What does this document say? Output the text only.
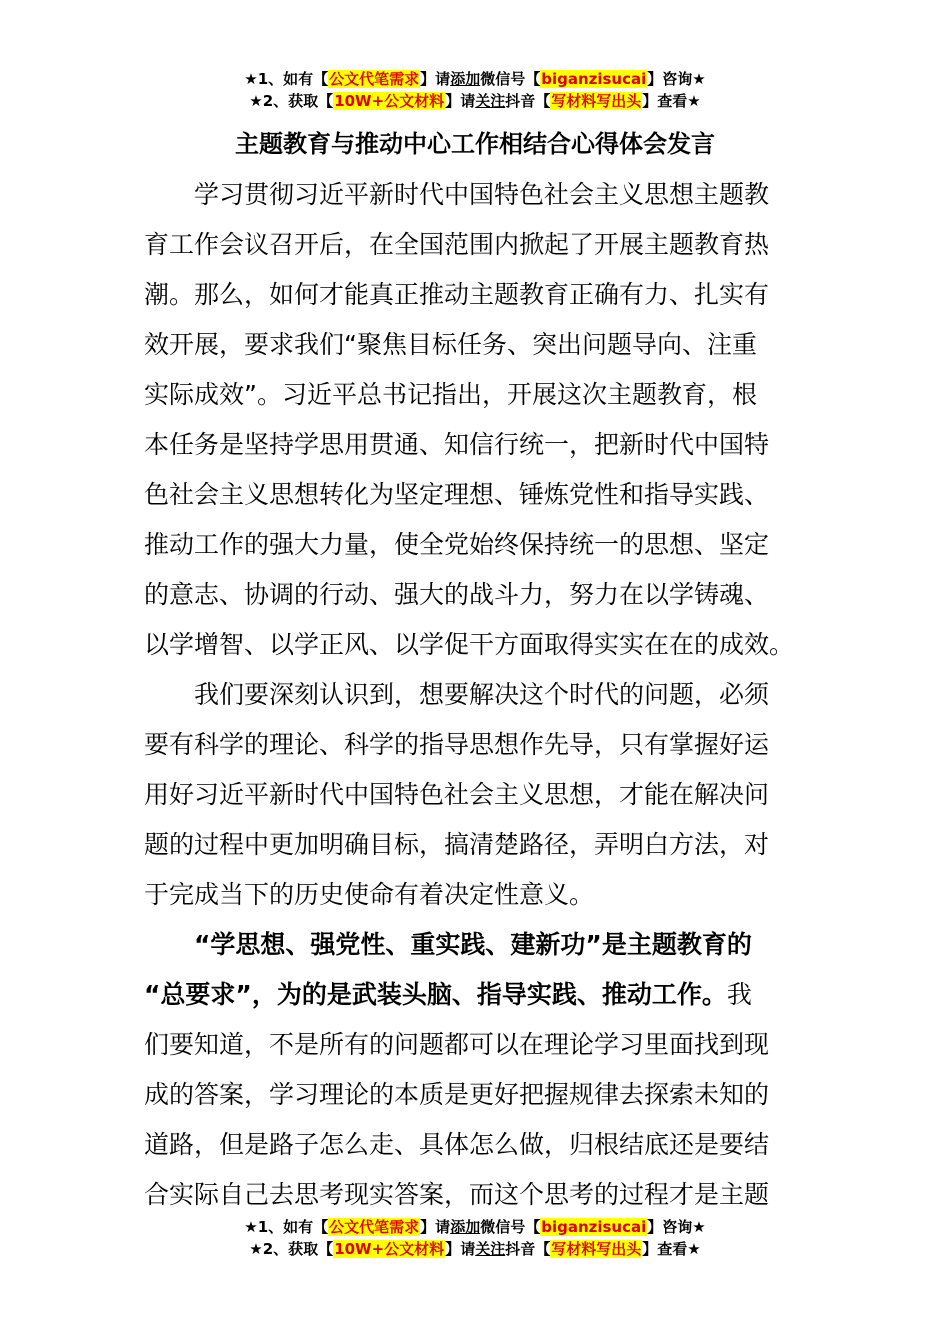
★1、如有【公文代笔需求】请添加微信号【biganzisucai】咨询★
★2、获取【10W+公文材料】请关注抖音【写材料写出头】查看★
主题教育与推动中心工作相结合心得体会发言
学习贯彻习近平新时代中国特色社会主义思想主题教
育工作会议召开后，在全国范围内掀起了开展主题教育热
潮。那么，如何才能真正推动主题教育正确有力、扎实有
效开展，要求我们“聚焦目标任务、突出问题导向、注重
实际成效”。习近平总书记指出，开展这次主题教育，根
本任务是坚持学思用贯通、知信行统一，把新时代中国特
色社会主义思想转化为坚定理想、锤炼党性和指导实践、
推动工作的强大力量，使全党始终保持统一的思想、坚定
的意志、协调的行动、强大的战斗力，努力在以学铸魂、
以学增智、以学正风、以学促干方面取得实实在在的成效。
我们要深刻认识到，想要解决这个时代的问题，必须
要有科学的理论、科学的指导思想作先导，只有掌握好运
用好习近平新时代中国特色社会主义思想，才能在解决问
题的过程中更加明确目标，搞清楚路径，弄明白方法，对
于完成当下的历史使命有着决定性意义。
“学思想、强党性、重实践、建新功”是主题教育的
“总要求”，为的是武装头脑、指导实践、推动工作。我
们要知道，不是所有的问题都可以在理论学习里面找到现
成的答案，学习理论的本质是更好把握规律去探索未知的
道路，但是路子怎么走、具体怎么做，归根结底还是要结
合实际自己去思考现实答案，而这个思考的过程才是主题
★1、如有【公文代笔需求】请添加微信号【biganzisucai】咨询★
★2、获取【10W+公文材料】请关注抖音【写材料写出头】查看★
